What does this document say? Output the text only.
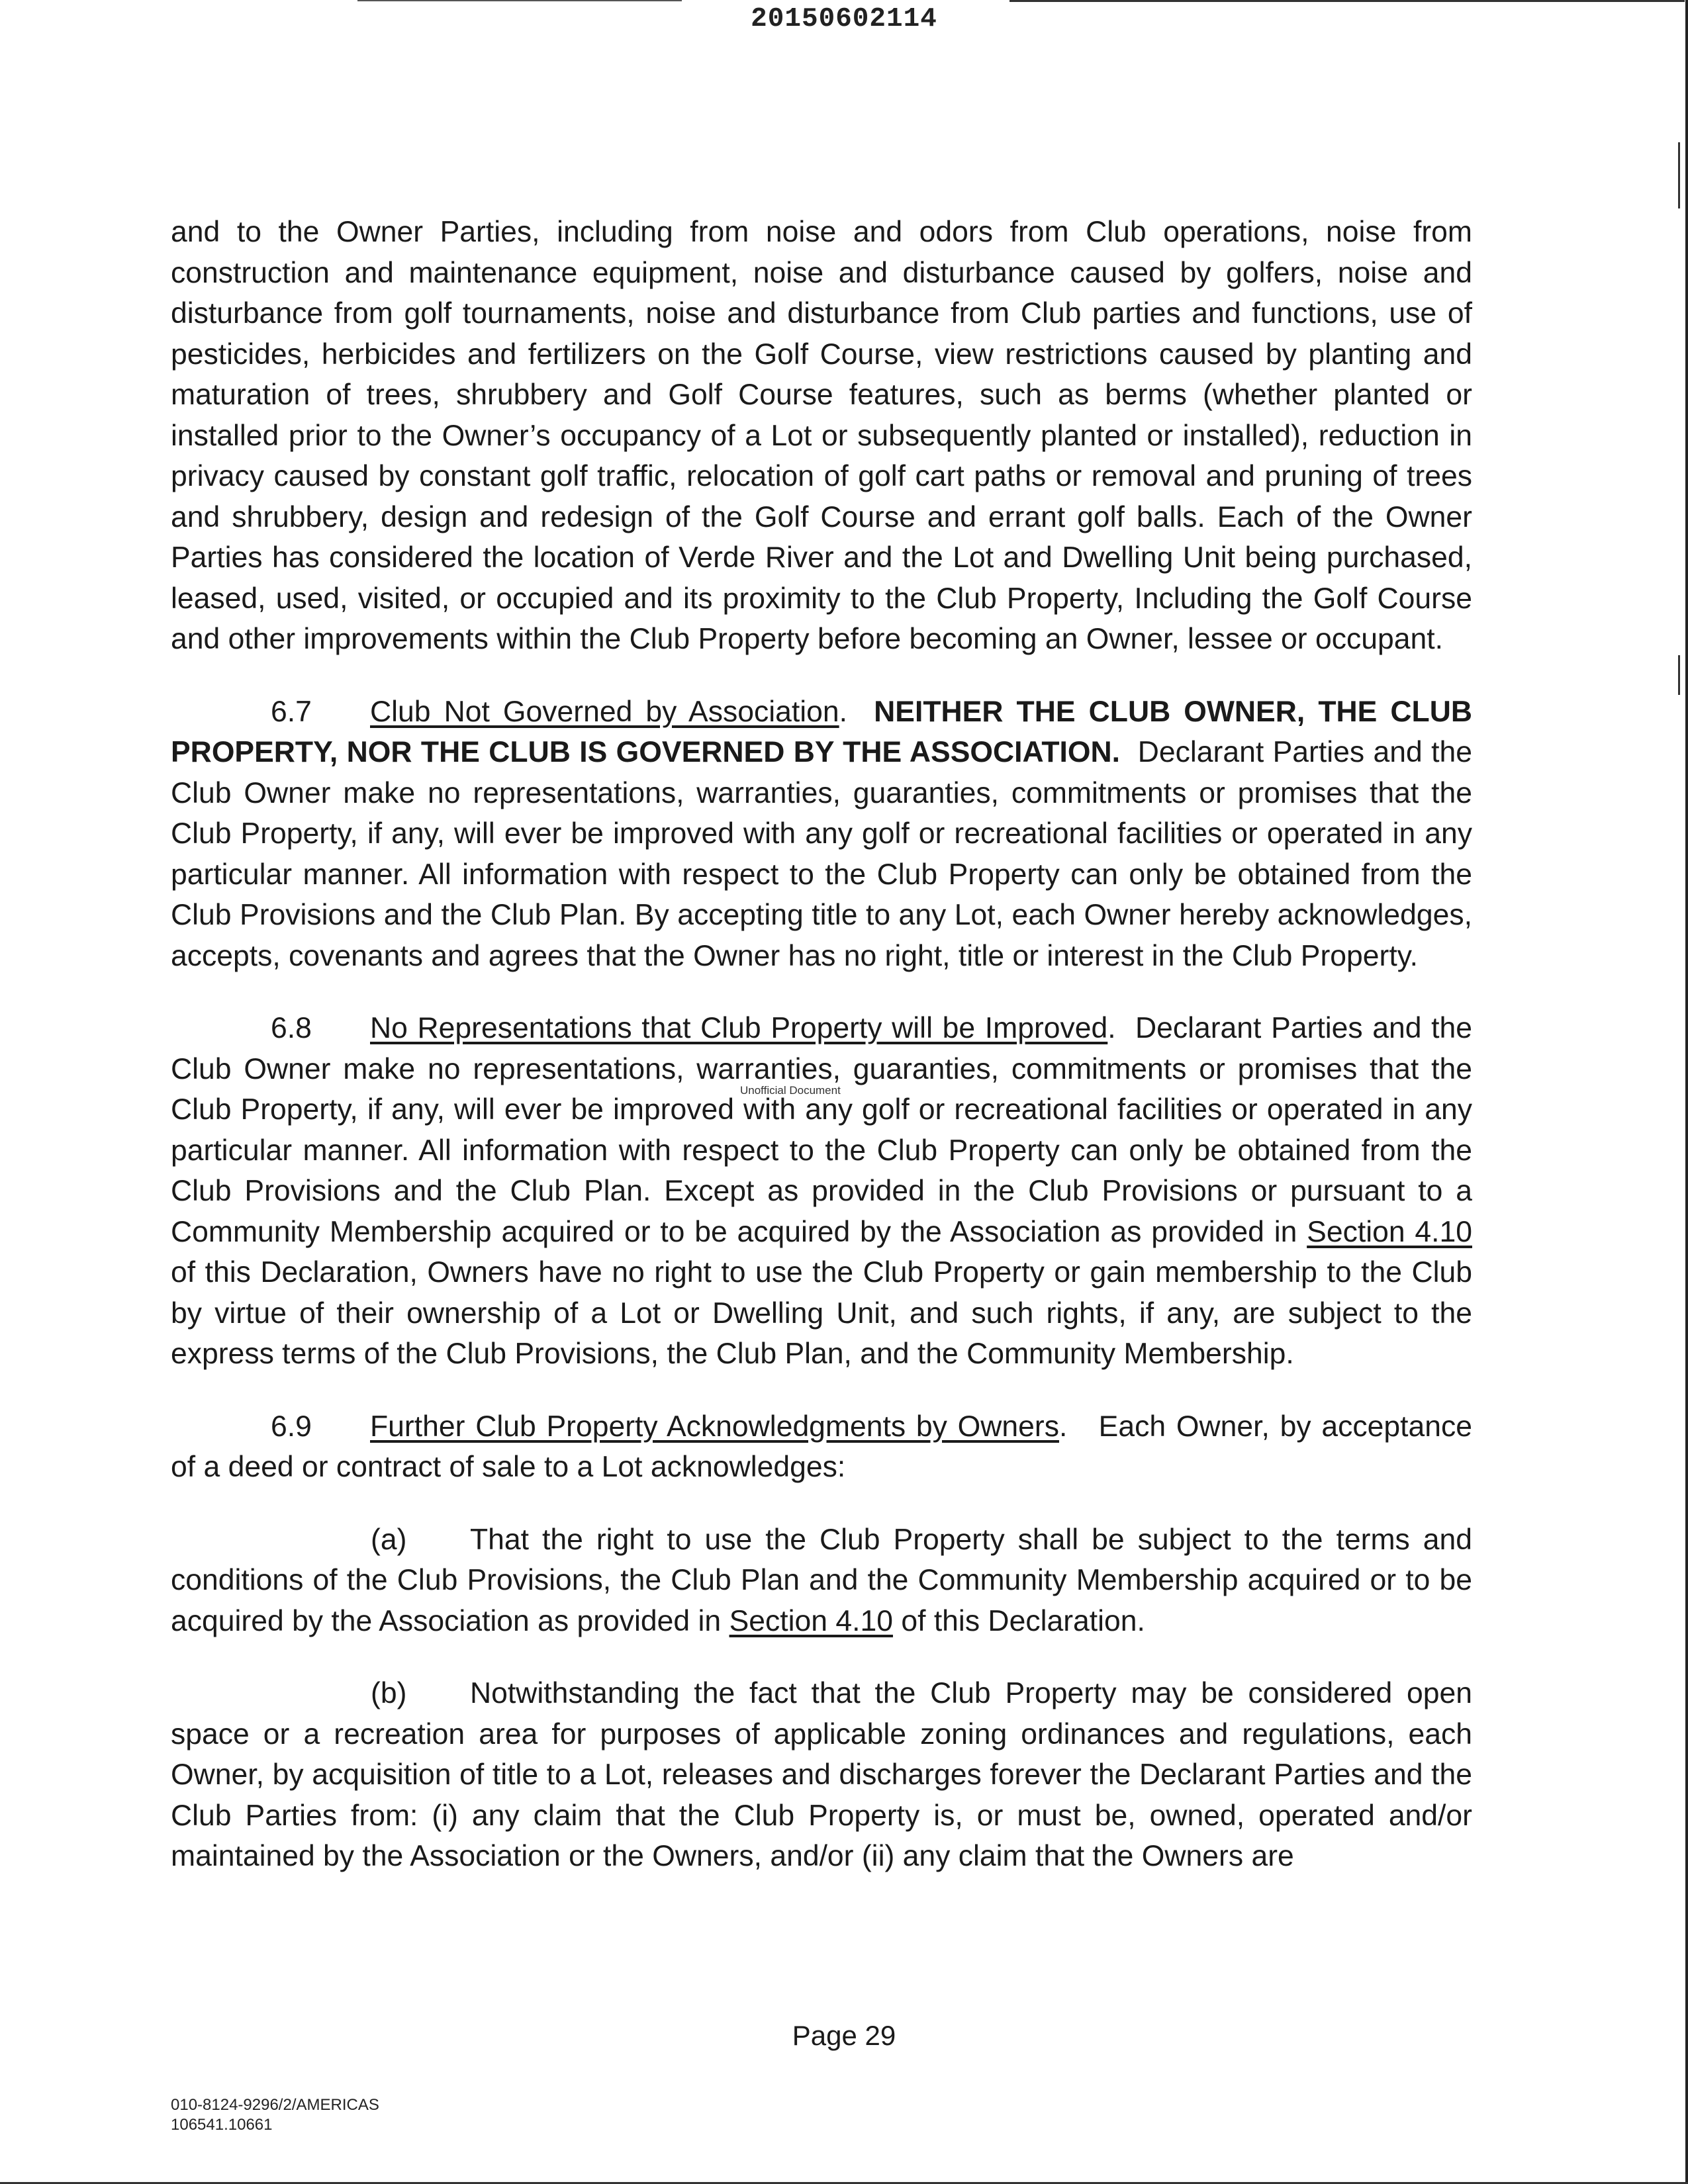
20150602114

and to the Owner Parties, including from noise and odors from Club operations, noise from construction and maintenance equipment, noise and disturbance caused by golfers, noise and disturbance from golf tournaments, noise and disturbance from Club parties and functions, use of pesticides, herbicides and fertilizers on the Golf Course, view restrictions caused by planting and maturation of trees, shrubbery and Golf Course features, such as berms (whether planted or installed prior to the Owner’s occupancy of a Lot or subsequently planted or installed), reduction in privacy caused by constant golf traffic, relocation of golf cart paths or removal and pruning of trees and shrubbery, design and redesign of the Golf Course and errant golf balls. Each of the Owner Parties has considered the location of Verde River and the Lot and Dwelling Unit being purchased, leased, used, visited, or occupied and its proximity to the Club Property, Including the Golf Course and other improvements within the Club Property before becoming an Owner, lessee or occupant.

6.7 Club Not Governed by Association.  NEITHER THE CLUB OWNER, THE CLUB PROPERTY, NOR THE CLUB IS GOVERNED BY THE ASSOCIATION. Declarant Parties and the Club Owner make no representations, warranties, guaranties, commitments or promises that the Club Property, if any, will ever be improved with any golf or recreational facilities or operated in any particular manner. All information with respect to the Club Property can only be obtained from the Club Provisions and the Club Plan. By accepting title to any Lot, each Owner hereby acknowledges, accepts, covenants and agrees that the Owner has no right, title or interest in the Club Property.

6.8 No Representations that Club Property will be Improved.  Declarant Parties and the Club Owner make no representations, warranties, guaranties, commitments or promises that the Club Property, if any, will ever be improved with any golf or recreational facilities or operated in any particular manner. All information with respect to the Club Property can only be obtained from the Club Provisions and the Club Plan. Except as provided in the Club Provisions or pursuant to a Community Membership acquired or to be acquired by the Association as provided in Section 4.10 of this Declaration, Owners have no right to use the Club Property or gain membership to the Club by virtue of their ownership of a Lot or Dwelling Unit, and such rights, if any, are subject to the express terms of the Club Provisions, the Club Plan, and the Community Membership.

6.9 Further Club Property Acknowledgments by Owners.   Each Owner, by acceptance of a deed or contract of sale to a Lot acknowledges:

(a) That the right to use the Club Property shall be subject to the terms and conditions of the Club Provisions, the Club Plan and the Community Membership acquired or to be acquired by the Association as provided in Section 4.10 of this Declaration.

(b) Notwithstanding the fact that the Club Property may be considered open space or a recreation area for purposes of applicable zoning ordinances and regulations, each Owner, by acquisition of title to a Lot, releases and discharges forever the Declarant Parties and the Club Parties from: (i) any claim that the Club Property is, or must be, owned, operated and/or maintained by the Association or the Owners, and/or (ii) any claim that the Owners are

Unofficial Document
Page 29
010-8124-9296/2/AMERICAS
106541.10661
